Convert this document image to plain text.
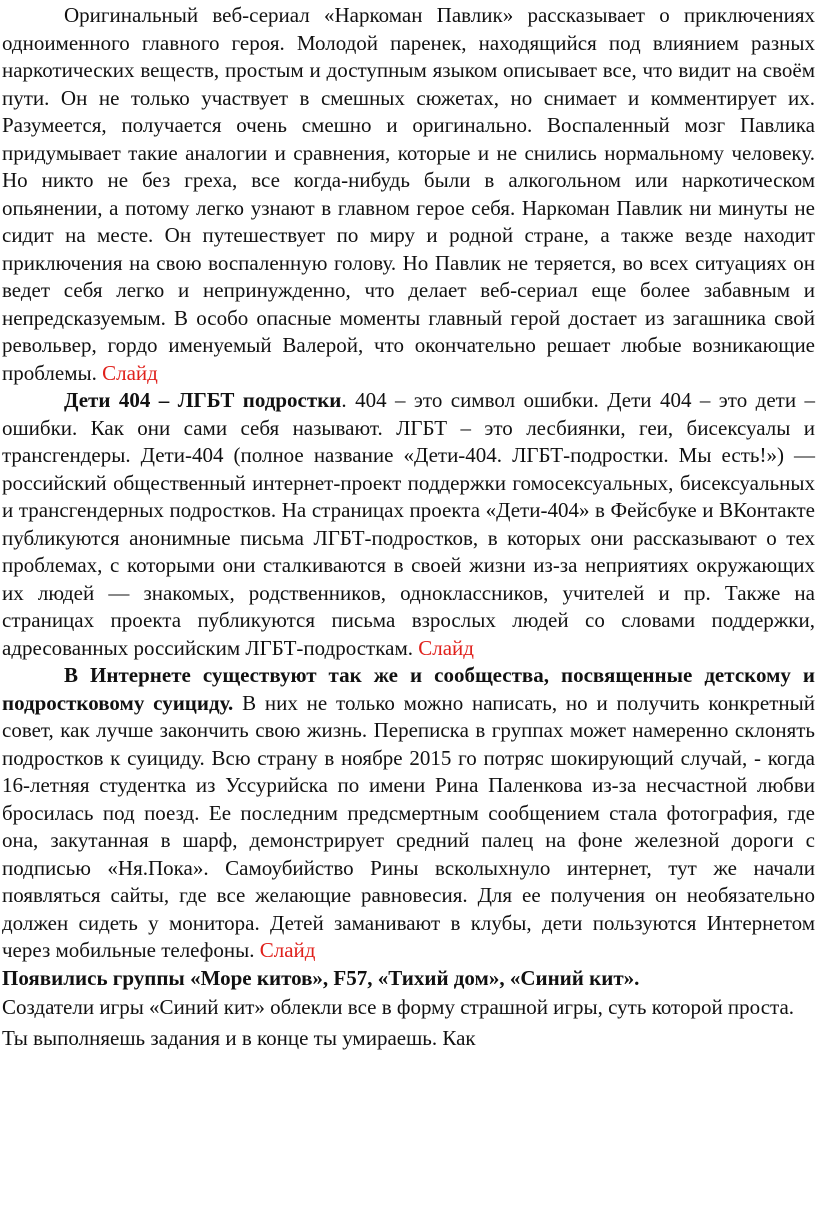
Оригинальный веб-сериал «Наркоман Павлик» рассказывает о приключениях одноименного главного героя. Молодой паренек, находящийся под влиянием разных наркотических веществ, простым и доступным языком описывает все, что видит на своём пути. Он не только участвует в смешных сюжетах, но снимает и комментирует их. Разумеется, получается очень смешно и оригинально. Воспаленный мозг Павлика придумывает такие аналогии и сравнения, которые и не снились нормальному человеку. Но никто не без греха, все когда-нибудь были в алкогольном или наркотическом опьянении, а потому легко узнают в главном герое себя. Наркоман Павлик ни минуты не сидит на месте. Он путешествует по миру и родной стране, а также везде находит приключения на свою воспаленную голову. Но Павлик не теряется, во всех ситуациях он ведет себя легко и непринужденно, что делает веб-сериал еще более забавным и непредсказуемым. В особо опасные моменты главный герой достает из загашника свой револьвер, гордо именуемый Валерой, что окончательно решает любые возникающие проблемы. Слайд

Дети 404 – ЛГБТ подростки. 404 – это символ ошибки. Дети 404 – это дети – ошибки. Как они сами себя называют. ЛГБТ – это лесбиянки, геи, бисексуалы и трансгендеры. Дети-404 (полное название «Дети-404. ЛГБТ-подростки. Мы есть!») — российский общественный интернет-проект поддержки гомосексуальных, бисексуальных и трансгендерных подростков. На страницах проекта «Дети-404» в Фейсбуке и ВКонтакте публикуются анонимные письма ЛГБТ-подростков, в которых они рассказывают о тех проблемах, с которыми они сталкиваются в своей жизни из-за неприятиях окружающих их людей — знакомых, родственников, одноклассников, учителей и пр. Также на страницах проекта публикуются письма взрослых людей со словами поддержки, адресованных российским ЛГБТ-подросткам. Слайд

В Интернете существуют так же и сообщества, посвященные детскому и подростковому суициду. В них не только можно написать, но и получить конкретный совет, как лучше закончить свою жизнь. Переписка в группах может намеренно склонять подростков к суициду. Всю страну в ноябре 2015 го потряс шокирующий случай, - когда 16-летняя студентка из Уссурийска по имени Рина Паленкова из-за несчастной любви бросилась под поезд. Ее последним предсмертным сообщением стала фотография, где она, закутанная в шарф, демонстрирует средний палец на фоне железной дороги с подписью «Ня.Пока». Самоубийство Рины всколыхнуло интернет, тут же начали появляться сайты, где все желающие равновесия. Для ее получения он необязательно должен сидеть у монитора. Детей заманивают в клубы, дети пользуются Интернетом через мобильные телефоны. Слайд

Появились группы «Море китов», F57, «Тихий дом», «Синий кит».

Создатели игры «Синий кит» облекли все в форму страшной игры, суть которой проста. Ты выполняешь задания и в конце ты умираешь. Как
